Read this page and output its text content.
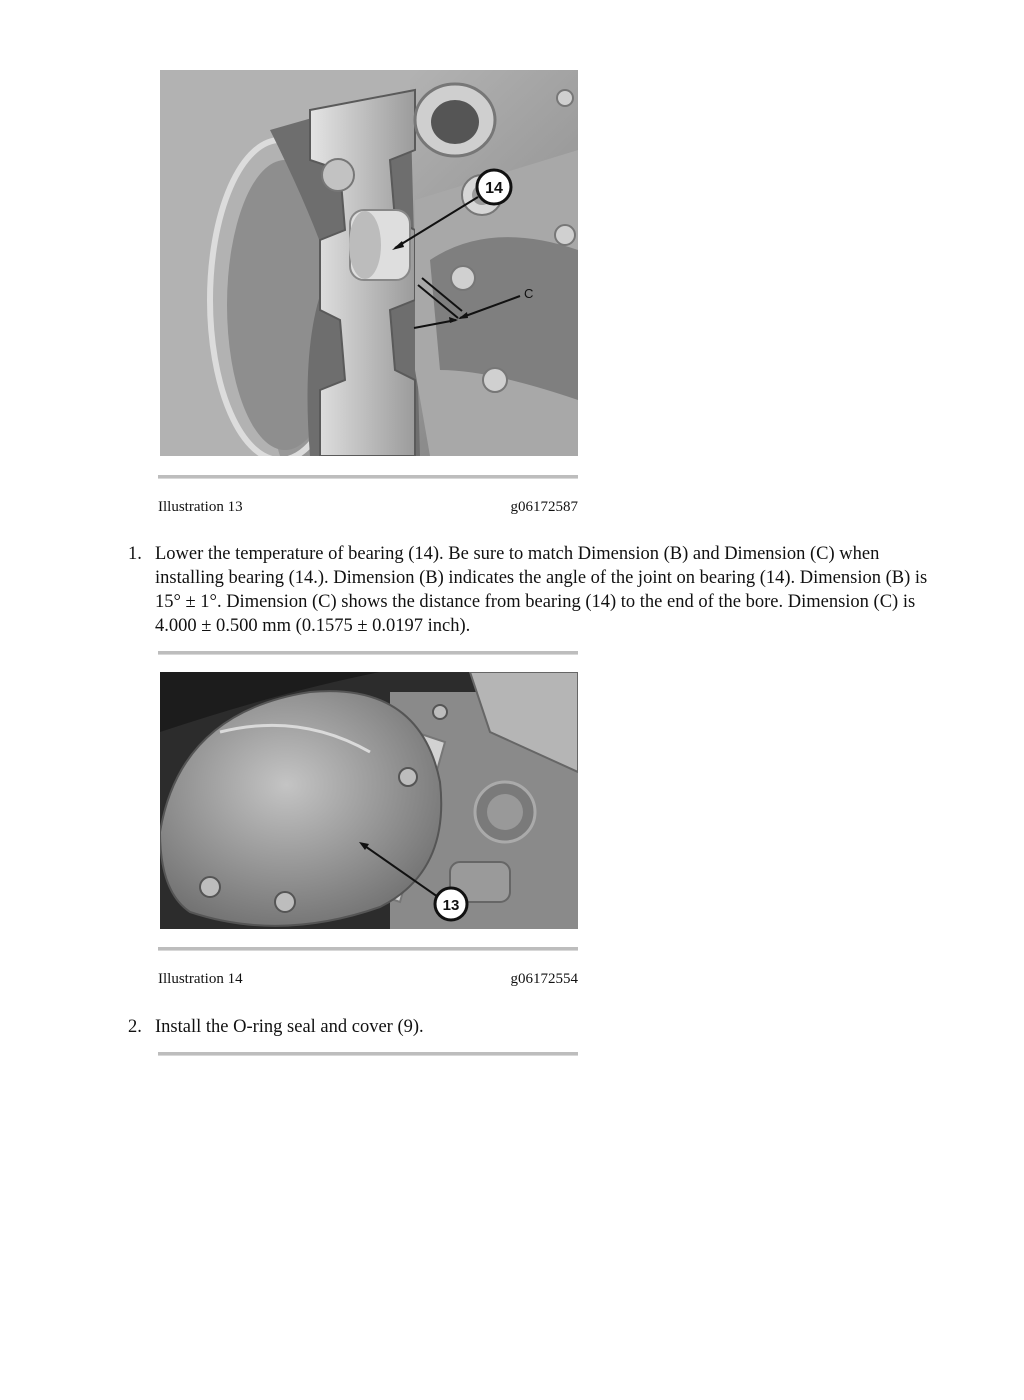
14
C
Illustration 13	g06172587
1. Lower the temperature of bearing (14). Be sure to match Dimension (B) and Dimension (C) when installing bearing (14.). Dimension (B) indicates the angle of the joint on bearing (14). Dimension (B) is 15° ± 1°. Dimension (C) shows the distance from bearing (14) to the end of the bore. Dimension (C) is 4.000 ± 0.500 mm (0.1575 ± 0.0197 inch).
13
Illustration 14	g06172554
2. Install the O-ring seal and cover (9).
